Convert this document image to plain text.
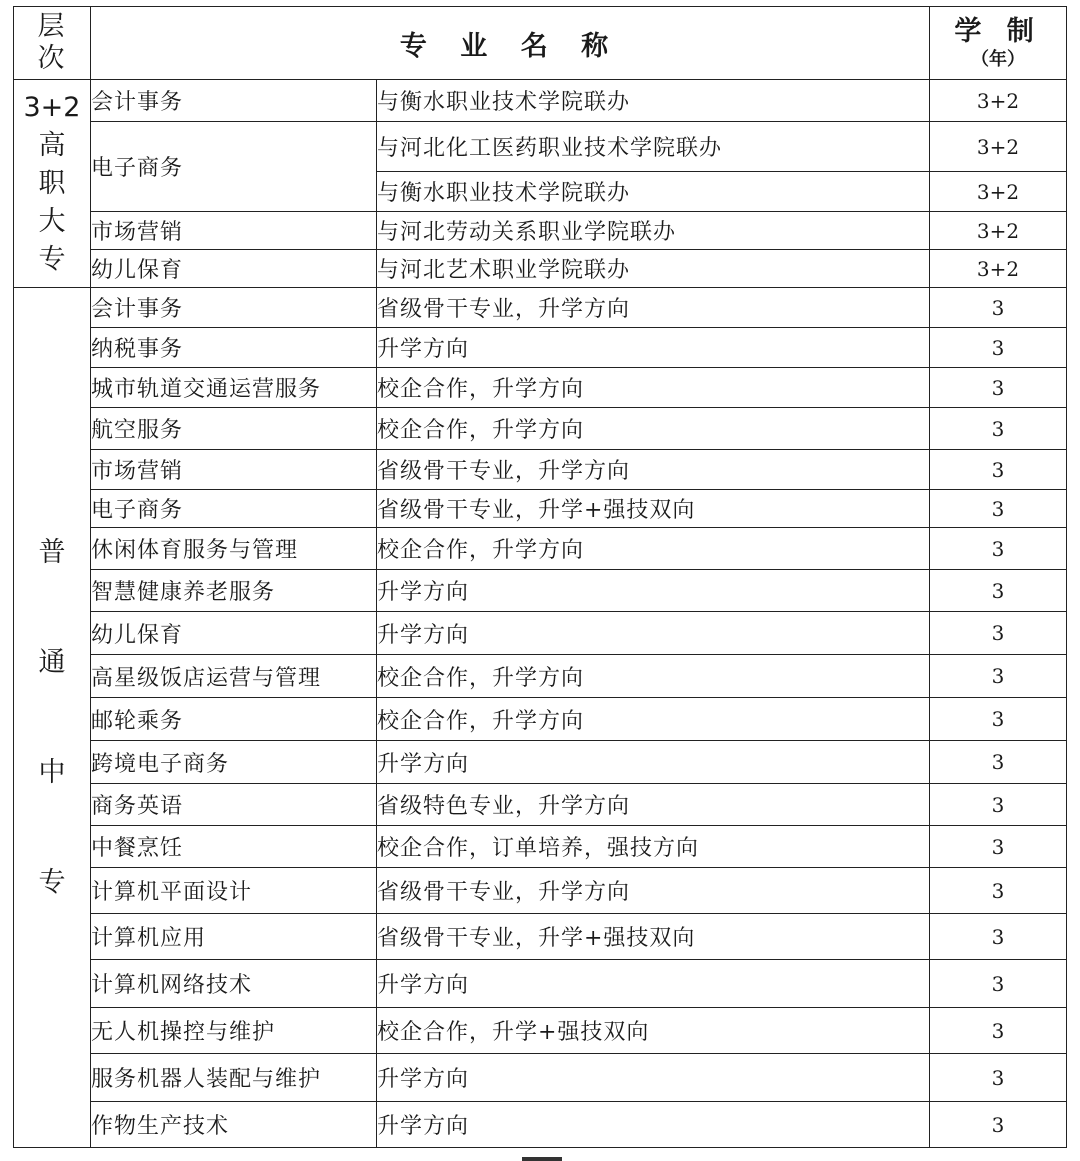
层
次	专 业 名 称		学 制
（年）

3+2
高
职
大
专	会计事务	与衡水职业技术学院联办	3+2
	电子商务	与河北化工医药职业技术学院联办	3+2
		与衡水职业技术学院联办	3+2
	市场营销	与河北劳动关系职业学院联办	3+2
	幼儿保育	与河北艺术职业学院联办	3+2

普
通
中
专	会计事务	省级骨干专业，升学方向	3
	纳税事务	升学方向	3
	城市轨道交通运营服务	校企合作，升学方向	3
	航空服务	校企合作，升学方向	3
	市场营销	省级骨干专业，升学方向	3
	电子商务	省级骨干专业，升学+强技双向	3
	休闲体育服务与管理	校企合作，升学方向	3
	智慧健康养老服务	升学方向	3
	幼儿保育	升学方向	3
	高星级饭店运营与管理	校企合作，升学方向	3
	邮轮乘务	校企合作，升学方向	3
	跨境电子商务	升学方向	3
	商务英语	省级特色专业，升学方向	3
	中餐烹饪	校企合作，订单培养，强技方向	3
	计算机平面设计	省级骨干专业，升学方向	3
	计算机应用	省级骨干专业，升学+强技双向	3
	计算机网络技术	升学方向	3
	无人机操控与维护	校企合作，升学+强技双向	3
	服务机器人装配与维护	升学方向	3
	作物生产技术	升学方向	3
